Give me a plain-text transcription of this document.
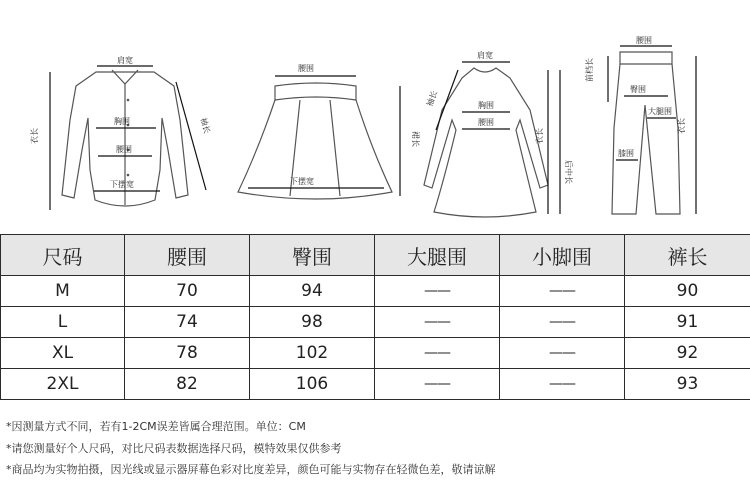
肩宽
胸围
腰围
下摆宽
衣长
袖长
腰围
下摆宽
裙长
肩宽
胸围
腰围
袖长
衣长
后中长
腰围
前档长
臀围
大腿围
膝围
衣长
尺码	腰围	臀围	大腿围	小脚围	裤长
M	70	94	——	——	90
L	74	98	——	——	91
XL	78	102	——	——	92
2XL	82	106	——	——	93
*因测量方式不同，若有1-2CM误差皆属合理范围。单位：CM
*请您测量好个人尺码，对比尺码表数据选择尺码，模特效果仅供参考
*商品均为实物拍摄，因光线或显示器屏幕色彩对比度差异，颜色可能与实物存在轻微色差，敬请谅解
